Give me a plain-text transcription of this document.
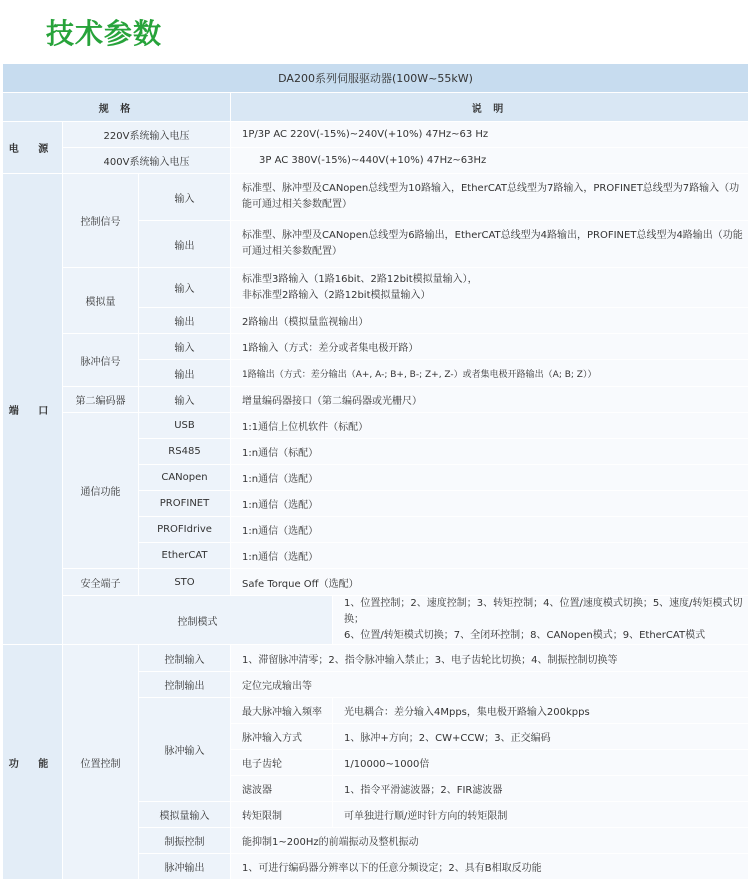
技术参数
DA200系列伺服驱动器(100W~55kW)				
规 格			说 明	
电 源	220V系统输入电压		1P/3P AC 220V(-15%)~240V(+10%) 47Hz~63 Hz	
	400V系统输入电压		3P AC 380V(-15%)~440V(+10%) 47Hz~63Hz	
端 口	控制信号	输入	标准型、脉冲型及CANopen总线型为10路输入，EtherCAT总线型为7路输入，PROFINET总线型为7路输入（功能可通过相关参数配置）	
		输出	标准型、脉冲型及CANopen总线型为6路输出，EtherCAT总线型为4路输出，PROFINET总线型为4路输出（功能可通过相关参数配置）	
	模拟量	输入	标准型3路输入（1路16bit、2路12bit模拟量输入），
非标准型2路输入（2路12bit模拟量输入）	

		输出	2路输出（模拟量监视输出）	
	脉冲信号	输入	1路输入（方式：差分或者集电极开路）	
		输出	1路输出（方式：差分输出（A+, A-; B+, B-; Z+, Z-）或者集电极开路输出（A; B; Z））	
	第二编码器	输入	增量编码器接口（第二编码器或光栅尺）	
	通信功能	USB	1:1通信上位机软件（标配）	
		RS485	1:n通信（标配）	
		CANopen	1:n通信（选配）	
		PROFINET	1:n通信（选配）	
		PROFIdrive	1:n通信（选配）	
		EtherCAT	1:n通信（选配）	
	安全端子	STO	Safe Torque Off（选配）	
	控制模式			1、位置控制；2、速度控制；3、转矩控制；4、位置/速度模式切换；5、速度/转矩模式切换；
6、位置/转矩模式切换；7、全闭环控制；8、CANopen模式；9、EtherCAT模式

功 能	位置控制	控制输入	1、滞留脉冲清零；2、指令脉冲输入禁止；3、电子齿轮比切换；4、制振控制切换等	
		控制输出	定位完成输出等	
		脉冲输入	最大脉冲输入频率	光电耦合：差分输入4Mpps，集电极开路输入200kpps
			脉冲输入方式	1、脉冲+方向；2、CW+CCW；3、正交编码
			电子齿轮	1/10000~1000倍
			滤波器	1、指令平滑滤波器；2、FIR滤波器
		模拟量输入	转矩限制	可单独进行顺/逆时针方向的转矩限制
		制振控制	能抑制1~200Hz的前端振动及整机振动	
		脉冲输出	1、可进行编码器分辨率以下的任意分频设定；2、具有B相取反功能	
